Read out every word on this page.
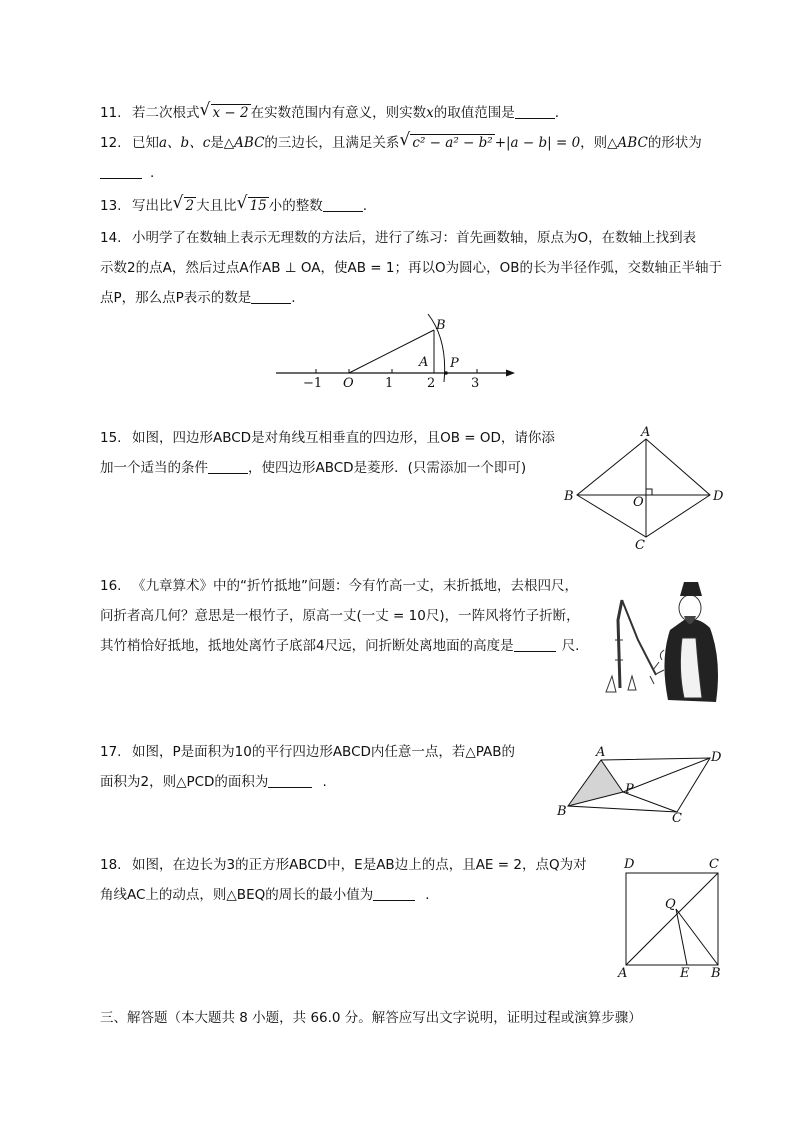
11. 若二次根式 √ x − 2 在实数范围内有意义，则实数x的取值范围是	.
12. 已知a、b、c是△ABC的三边长，且满足关系 √ c² − a² − b² +|a − b| = 0，则△ABC的形状为
.
13. 写出比 √ 2 大且比 √ 15 小的整数	.
14. 小明学了在数轴上表示无理数的方法后，进行了练习：首先画数轴，原点为O，在数轴上找到表
示数2的点A，然后过点A作AB ⊥ OA，使AB = 1；再以O为圆心，OB的长为半径作弧，交数轴正半轴于
点P，那么点P表示的数是	.
B
A P
O
−1	1	2	3
15. 如图，四边形ABCD是对角线互相垂直的四边形，且OB = OD，请你添
加一个适当的条件	，使四边形ABCD是菱形．(只需添加一个即可)
A
B	D
O
C
16. 《九章算术》中的“折竹抵地”问题：今有竹高一丈，末折抵地，去根四尺，
问折者高几何？意思是一根竹子，原高一丈(一丈 = 10尺)，一阵风将竹子折断，
其竹梢恰好抵地，抵地处离竹子底部4尺远，问折断处离地面的高度是	尺.
17. 如图，P是面积为10的平行四边形ABCD内任意一点，若△PAB的
面积为2，则△PCD的面积为	.
A	D
P
B	C
18. 如图，在边长为3的正方形ABCD中，E是AB边上的点，且AE = 2，点Q为对
角线AC上的动点，则△BEQ的周长的最小值为	.
D	C
Q
A	E B
三、解答题（本大题共 8 小题，共 66.0 分。解答应写出文字说明，证明过程或演算步骤）
